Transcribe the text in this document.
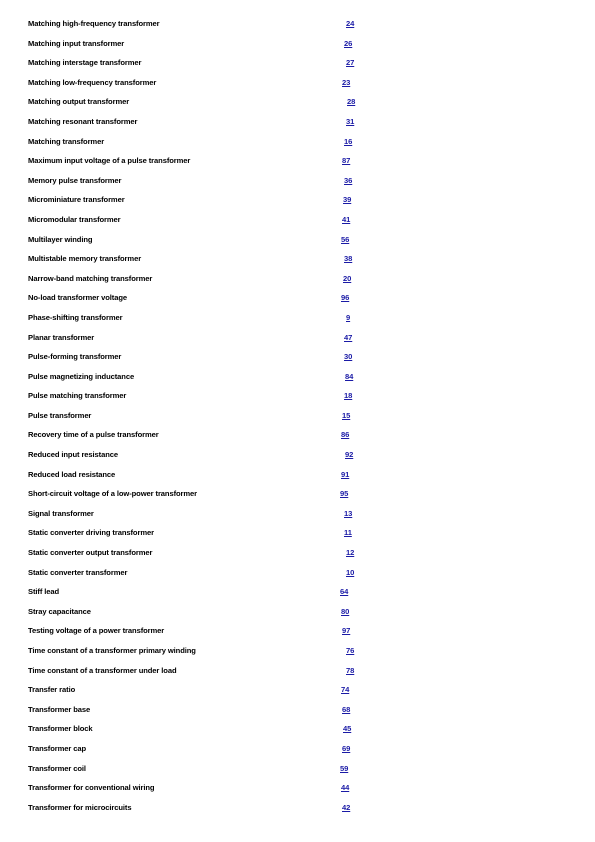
Matching high-frequency transformer	24
Matching input transformer	26
Matching interstage transformer	27
Matching low-frequency transformer	23
Matching output transformer	28
Matching resonant transformer	31
Matching transformer	16
Maximum input voltage of a pulse transformer	87
Memory pulse transformer	36
Microminiature transformer	39
Micromodular transformer	41
Multilayer winding	56
Multistable memory transformer	38
Narrow-band matching transformer	20
No-load transformer voltage	96
Phase-shifting transformer	9
Planar transformer	47
Pulse-forming transformer	30
Pulse magnetizing inductance	84
Pulse matching transformer	18
Pulse transformer	15
Recovery time of a pulse transformer	86
Reduced input resistance	92
Reduced load resistance	91
Short-circuit voltage of a low-power transformer	95
Signal transformer	13
Static converter driving transformer	11
Static converter output transformer	12
Static converter transformer	10
Stiff lead	64
Stray capacitance	80
Testing voltage of a power transformer	97
Time constant of a transformer primary winding	76
Time constant of a transformer under load	78
Transfer ratio	74
Transformer base	68
Transformer block	45
Transformer cap	69
Transformer coil	59
Transformer for conventional wiring	44
Transformer for microcircuits	42
